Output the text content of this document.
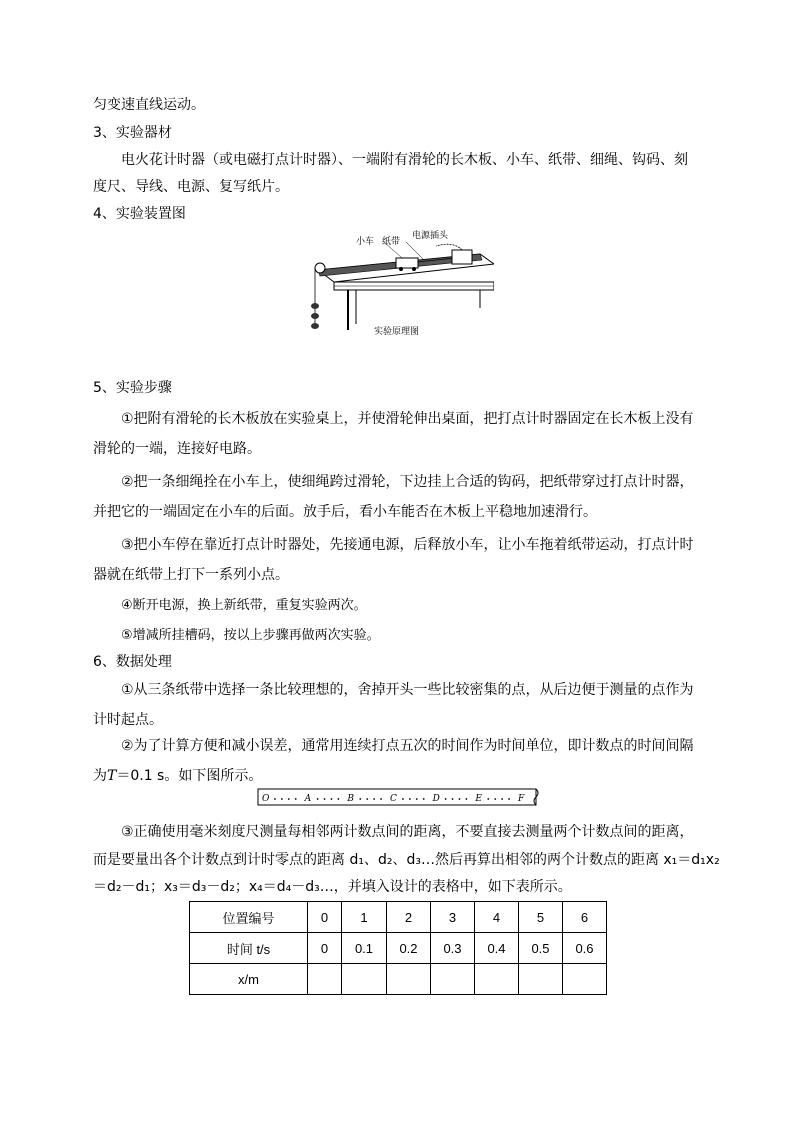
匀变速直线运动。
3、实验器材
电火花计时器（或电磁打点计时器）、一端附有滑轮的长木板、小车、纸带、细绳、钩码、刻
度尺、导线、电源、复写纸片。
4、实验装置图
小车 纸带
电源插头
实验原理图
5、实验步骤
①把附有滑轮的长木板放在实验桌上，并使滑轮伸出桌面，把打点计时器固定在长木板上没有滑轮的一端，连接好电路。
②把一条细绳拴在小车上，使细绳跨过滑轮，下边挂上合适的钩码，把纸带穿过打点计时器，并把它的一端固定在小车的后面。放手后，看小车能否在木板上平稳地加速滑行。
③把小车停在靠近打点计时器处，先接通电源，后释放小车，让小车拖着纸带运动，打点计时器就在纸带上打下一系列小点。
④断开电源，换上新纸带，重复实验两次。
⑤增减所挂槽码，按以上步骤再做两次实验。
6、数据处理
①从三条纸带中选择一条比较理想的，舍掉开头一些比较密集的点，从后边便于测量的点作为计时起点。
②为了计算方便和减小误差，通常用连续打点五次的时间作为时间单位，即计数点的时间间隔为T＝0.1 s。如下图所示。
O	A	B	C	D	E	F
③正确使用毫米刻度尺测量每相邻两计数点间的距离，不要直接去测量两个计数点间的距离，
而是要量出各个计数点到计时零点的距离 d₁、d₂、d₃…然后再算出相邻的两个计数点的距离 x₁＝d₁x₂
＝d₂－d₁；x₃＝d₃－d₂；x₄＝d₄－d₃…，并填入设计的表格中，如下表所示。
位置编号	0	1	2	3	4	5	6
时间 t/s	0	0.1	0.2	0.3	0.4	0.5	0.6
x/m							
